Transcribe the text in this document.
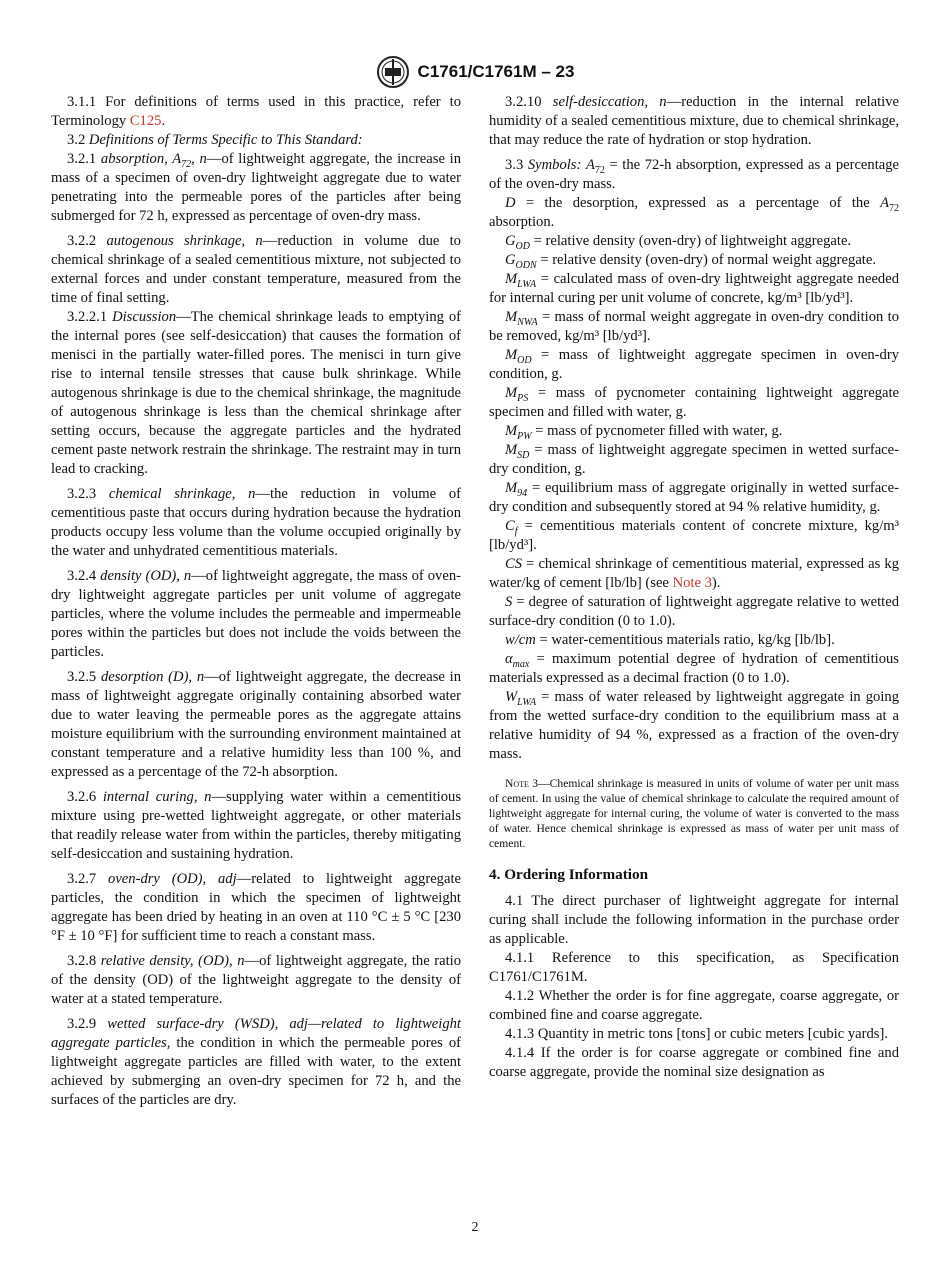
C1761/C1761M – 23

3.1.1 For definitions of terms used in this practice, refer to Terminology C125.

3.2 Definitions of Terms Specific to This Standard:

3.2.1 absorption, $A_{72}$, n—of lightweight aggregate, the increase in mass of a specimen of oven-dry lightweight aggregate due to water penetrating into the permeable pores of the particles after being submerged for 72 h, expressed as percentage of oven-dry mass.

3.2.2 autogenous shrinkage, n—reduction in volume due to chemical shrinkage of a sealed cementitious mixture, not subjected to external forces and under constant temperature, measured from the time of final setting.

3.2.2.1 Discussion—The chemical shrinkage leads to emptying of the internal pores (see self-desiccation) that causes the formation of menisci in the partially water-filled pores. The menisci in turn give rise to internal tensile stresses that cause bulk shrinkage. While autogenous shrinkage is due to the chemical shrinkage, the magnitude of autogenous shrinkage is less than the chemical shrinkage after setting occurs, because the aggregate particles and the hydrated cement paste network restrain the shrinkage. The restraint may in turn lead to cracking.

3.2.3 chemical shrinkage, n—the reduction in volume of cementitious paste that occurs during hydration because the hydration products occupy less volume than the volume occupied originally by the water and unhydrated cementitious materials.

3.2.4 density (OD), n—of lightweight aggregate, the mass of oven-dry lightweight aggregate particles per unit volume of aggregate particles, where the volume includes the permeable and impermeable pores within the particles but does not include the voids between the particles.

3.2.5 desorption (D), n—of lightweight aggregate, the decrease in mass of lightweight aggregate originally containing absorbed water due to water leaving the permeable pores as the aggregate attains moisture equilibrium with the surrounding environment maintained at constant temperature and a relative humidity less than 100 %, and expressed as a percentage of the 72-h absorption.

3.2.6 internal curing, n—supplying water within a cementitious mixture using pre-wetted lightweight aggregate, or other materials that readily release water from within the particles, thereby mitigating self-desiccation and sustaining hydration.

3.2.7 oven-dry (OD), adj—related to lightweight aggregate particles, the condition in which the specimen of lightweight aggregate has been dried by heating in an oven at 110 °C ± 5 °C [230 °F ± 10 °F] for sufficient time to reach a constant mass.

3.2.8 relative density, (OD), n—of lightweight aggregate, the ratio of the density (OD) of the lightweight aggregate to the density of water at a stated temperature.

3.2.9 wetted surface-dry (WSD), adj—related to lightweight aggregate particles, the condition in which the permeable pores of lightweight aggregate particles are filled with water, to the extent achieved by submerging an oven-dry specimen for 72 h, and the surfaces of the particles are dry.

3.2.10 self-desiccation, n—reduction in the internal relative humidity of a sealed cementitious mixture, due to chemical shrinkage, that may reduce the rate of hydration or stop hydration.

3.3 Symbols: $A_{72}$ = the 72-h absorption, expressed as a percentage of the oven-dry mass.

D = the desorption, expressed as a percentage of the $A_{72}$ absorption.

$G_{OD}$ = relative density (oven-dry) of lightweight aggregate.

$G_{ODN}$ = relative density (oven-dry) of normal weight aggregate.

$M_{LWA}$ = calculated mass of oven-dry lightweight aggregate needed for internal curing per unit volume of concrete, kg/m³ [lb/yd³].

$M_{NWA}$ = mass of normal weight aggregate in oven-dry condition to be removed, kg/m³ [lb/yd³].

$M_{OD}$ = mass of lightweight aggregate specimen in oven-dry condition, g.

$M_{PS}$ = mass of pycnometer containing lightweight aggregate specimen and filled with water, g.

$M_{PW}$ = mass of pycnometer filled with water, g.

$M_{SD}$ = mass of lightweight aggregate specimen in wetted surface-dry condition, g.

$M_{94}$ = equilibrium mass of aggregate originally in wetted surface-dry condition and subsequently stored at 94 % relative humidity, g.

$C_f$ = cementitious materials content of concrete mixture, kg/m³ [lb/yd³].

CS = chemical shrinkage of cementitious material, expressed as kg water/kg of cement [lb/lb] (see Note 3).

S = degree of saturation of lightweight aggregate relative to wetted surface-dry condition (0 to 1.0).

w/cm = water-cementitious materials ratio, kg/kg [lb/lb].

$\alpha_{max}$ = maximum potential degree of hydration of cementitious materials expressed as a decimal fraction (0 to 1.0).

$W_{LWA}$ = mass of water released by lightweight aggregate in going from the wetted surface-dry condition to the equilibrium mass at a relative humidity of 94 %, expressed as a fraction of the oven-dry mass.

Note 3—Chemical shrinkage is measured in units of volume of water per unit mass of cement. In using the value of chemical shrinkage to calculate the required amount of lightweight aggregate for internal curing, the volume of water is converted to the mass of water. Hence chemical shrinkage is expressed as mass of water per unit mass of cement.

4. Ordering Information

4.1 The direct purchaser of lightweight aggregate for internal curing shall include the following information in the purchase order as applicable.

4.1.1 Reference to this specification, as Specification C1761/C1761M.

4.1.2 Whether the order is for fine aggregate, coarse aggregate, or combined fine and coarse aggregate.

4.1.3 Quantity in metric tons [tons] or cubic meters [cubic yards].

4.1.4 If the order is for coarse aggregate or combined fine and coarse aggregate, provide the nominal size designation as

2
